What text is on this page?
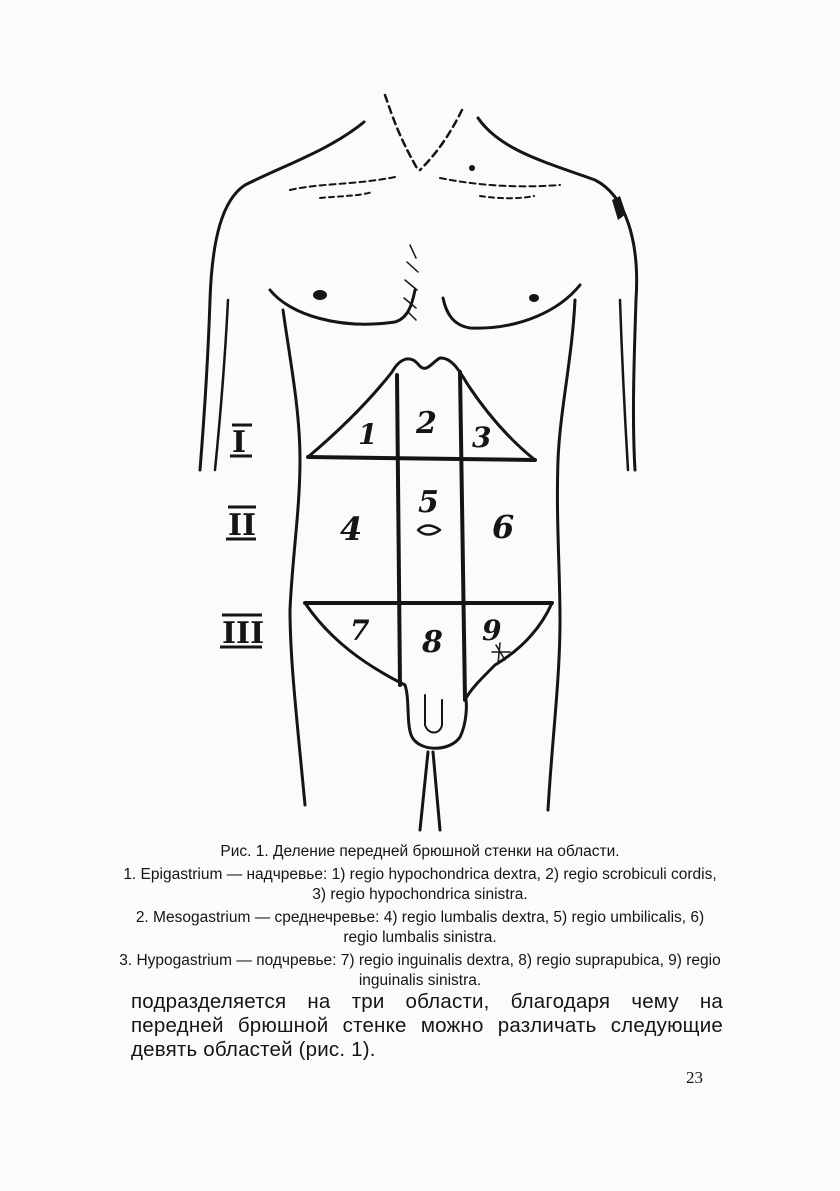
I
II
III
1 2 3
4
5
6
7 8 9

Рис. 1. Деление передней брюшной стенки на области.

1. Epigastrium — надчревье: 1) regio hypochondrica dextra, 2) regio scrobiculi cordis, 3) regio hypochondrica sinistra.

2. Mesogastrium — среднечревье: 4) regio lumbalis dextra, 5) regio umbilicalis, 6) regio lumbalis sinistra.

3. Hypogastrium — подчревье: 7) regio inguinalis dextra, 8) regio suprapubica, 9) regio inguinalis sinistra.

подразделяется на три области, благодаря чему на передней брюшной стенке можно различать следующие девять областей (рис. 1).
23
